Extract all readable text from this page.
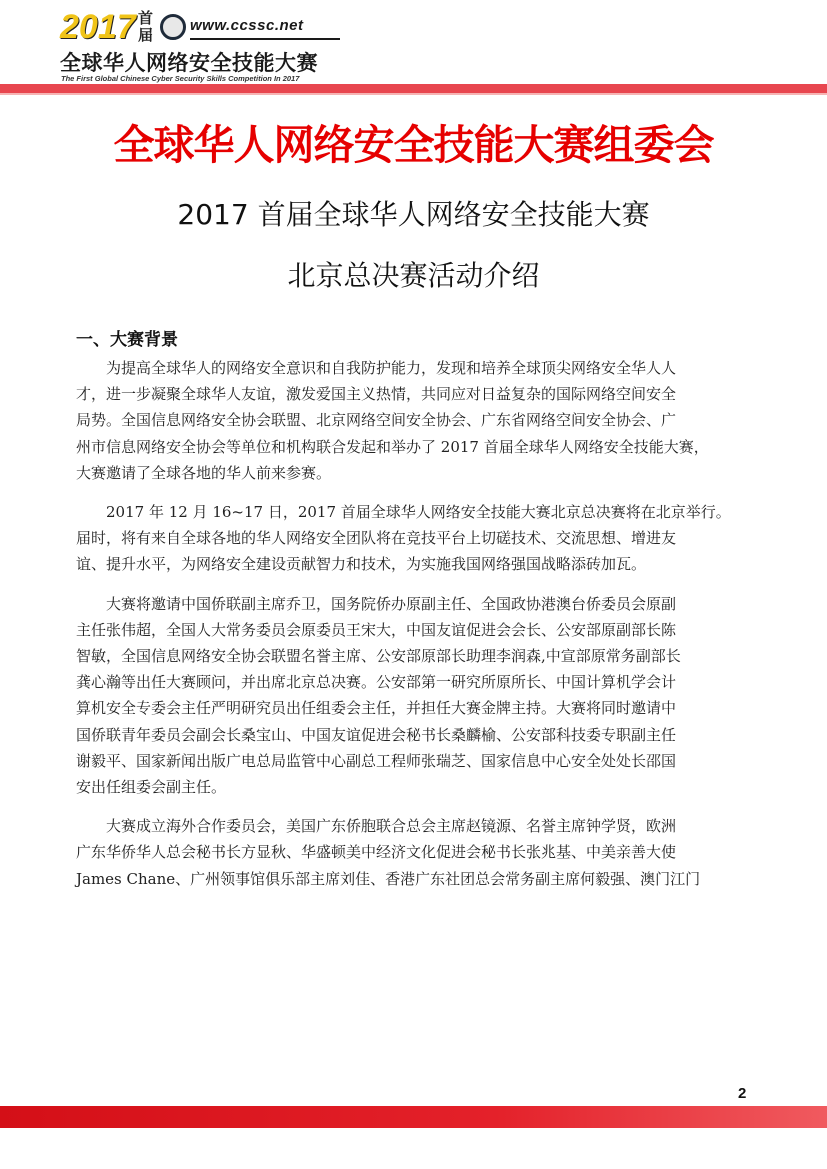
2017 首届
www.ccssc.net
全球华人网络安全技能大赛
The First Global Chinese Cyber Security Skills Competition In 2017
全球华人网络安全技能大赛组委会
2017 首届全球华人网络安全技能大赛
北京总决赛活动介绍
一、大赛背景

为提高全球华人的网络安全意识和自我防护能力，发现和培养全球顶尖网络安全华人人
才，进一步凝聚全球华人友谊，激发爱国主义热情，共同应对日益复杂的国际网络空间安全
局势。全国信息网络安全协会联盟、北京网络空间安全协会、广东省网络空间安全协会、广
州市信息网络安全协会等单位和机构联合发起和举办了 2017 首届全球华人网络安全技能大赛，
大赛邀请了全球各地的华人前来参赛。

2017 年 12 月 16~17 日，2017 首届全球华人网络安全技能大赛北京总决赛将在北京举行。
届时，将有来自全球各地的华人网络安全团队将在竞技平台上切磋技术、交流思想、增进友
谊、提升水平，为网络安全建设贡献智力和技术，为实施我国网络强国战略添砖加瓦。

大赛将邀请中国侨联副主席乔卫，国务院侨办原副主任、全国政协港澳台侨委员会原副
主任张伟超，全国人大常务委员会原委员王宋大，中国友谊促进会会长、公安部原副部长陈
智敏，全国信息网络安全协会联盟名誉主席、公安部原部长助理李润森,中宣部原常务副部长
龚心瀚等出任大赛顾问，并出席北京总决赛。公安部第一研究所原所长、中国计算机学会计
算机安全专委会主任严明研究员出任组委会主任，并担任大赛金牌主持。大赛将同时邀请中
国侨联青年委员会副会长桑宝山、中国友谊促进会秘书长桑麟榆、公安部科技委专职副主任
谢毅平、国家新闻出版广电总局监管中心副总工程师张瑞芝、国家信息中心安全处处长邵国
安出任组委会副主任。

大赛成立海外合作委员会，美国广东侨胞联合总会主席赵镜源、名誉主席钟学贤，欧洲
广东华侨华人总会秘书长方显秋、华盛顿美中经济文化促进会秘书长张兆基、中美亲善大使
James Chane、广州领事馆俱乐部主席刘佳、香港广东社团总会常务副主席何毅强、澳门江门

2
